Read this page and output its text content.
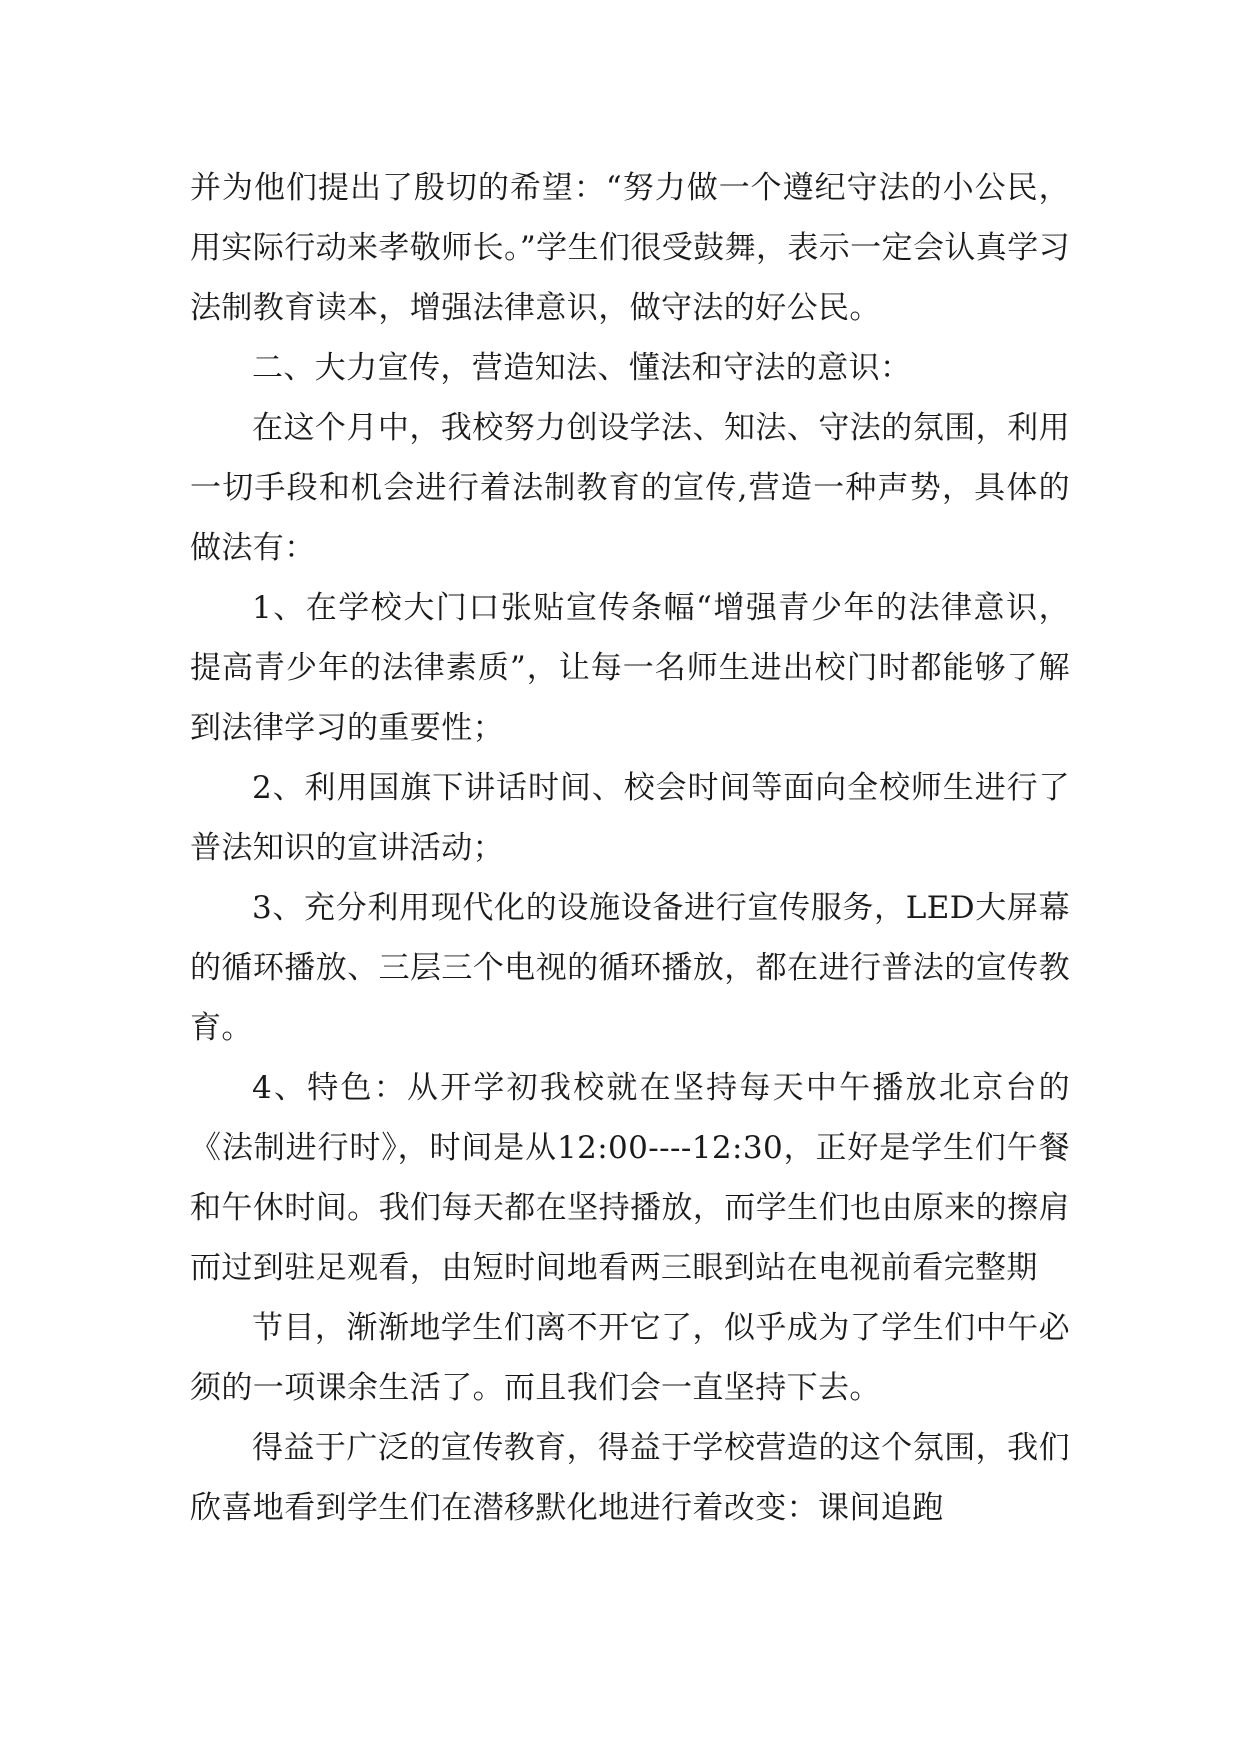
并为他们提出了殷切的希望：“努力做一个遵纪守法的小公民，用实际行动来孝敬师长。”学生们很受鼓舞，表示一定会认真学习法制教育读本，增强法律意识，做守法的好公民。

二、大力宣传，营造知法、懂法和守法的意识：

在这个月中，我校努力创设学法、知法、守法的氛围，利用一切手段和机会进行着法制教育的宣传,营造一种声势，具体的做法有：

1、在学校大门口张贴宣传条幅“增强青少年的法律意识，提高青少年的法律素质”，让每一名师生进出校门时都能够了解到法律学习的重要性；

2、利用国旗下讲话时间、校会时间等面向全校师生进行了普法知识的宣讲活动；

3、充分利用现代化的设施设备进行宣传服务，LED大屏幕的循环播放、三层三个电视的循环播放，都在进行普法的宣传教育。

4、特色：从开学初我校就在坚持每天中午播放北京台的《法制进行时》，时间是从12:00----12:30，正好是学生们午餐和午休时间。我们每天都在坚持播放，而学生们也由原来的擦肩而过到驻足观看，由短时间地看两三眼到站在电视前看完整期

节目，渐渐地学生们离不开它了，似乎成为了学生们中午必须的一项课余生活了。而且我们会一直坚持下去。

得益于广泛的宣传教育，得益于学校营造的这个氛围，我们欣喜地看到学生们在潜移默化地进行着改变：课间追跑
